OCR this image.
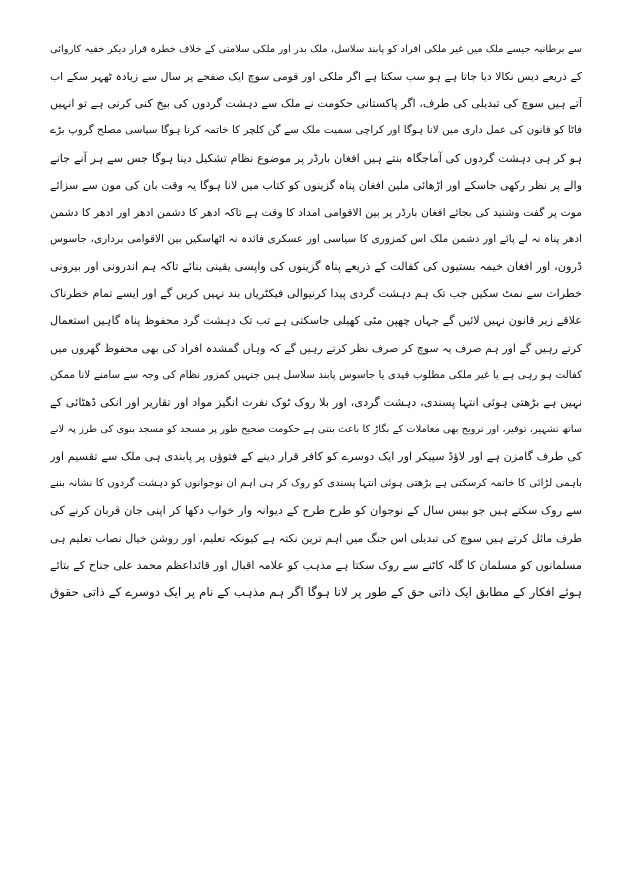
سے برطانیہ جیسے ملک میں غیر ملکی افراد کو پابند سلاسل، ملک بدر اور ملکی سلامتی کے خلاف خطرہ قرار دیکر خفیہ کاروائی
کے ذریعے دیس نکالا دیا جاتا ہے ہو سب سکتا ہے اگر ملکی اور قومی سوچ ایک صفحے پر سال سے زیادہ ٹھہر سکے اب
آتے ہیں سوچ کی تبدیلی کی طرف، اگر پاکستانی حکومت نے ملک سے دہشت گردوں کی بیخ کنی کرنی ہے تو انہیں
فاٹا کو قانون کی عمل داری میں لانا ہوگا اور کراچی سمیت ملک سے گن کلچر کا خاتمہ کرنا ہوگا سیاسی مصلح گروپ بڑے
ہو کر ہی دہشت گردوں کی آماجگاہ بنتے ہیں افغان بارڈر پر موضوع نظام تشکیل دینا ہوگا جس سے ہر آنے جانے
والے پر نظر رکھی جاسکے اور اڑھائی ملین افغان پناہ گزینوں کو کتاب میں لانا ہوگا یہ وقت بان کی مون سے سزائے
موت پر گفت وشنید کی بجائے افغان بارڈر پر بین الاقوامی امداد کا وقت ہے تاکہ ادھر کا دشمن ادھر اور ادھر کا دشمن
ادھر پناہ نہ لے پائے اور دشمن ملک اس کمزوری کا سیاسی اور عسکری فائدہ نہ اٹھاسکیں بین الاقوامی برداری، جاسوس
ڈرون، اور افغان خیمہ بستیوں کی کفالت کے ذریعے پناہ گزینوں کی واپسی یقینی بنائے تاکہ ہم اندرونی اور بیرونی
خطرات سے نمٹ سکیں جب تک ہم دہشت گردی پیدا کرنیوالی فیکٹریاں بند نہیں کریں گے اور ایسے تمام خطرناک
علاقے زیر قانون نہیں لائیں گے جہاں چھپن مٹی کھیلی جاسکتی ہے تب تک دہشت گرد محفوظ پناہ گاہیں استعمال
کرتے رہیں گے اور ہم صرف یہ سوچ کر صرف نظر کرتے رہیں گے کہ وہاں گمشدہ افراد کی بھی محفوظ گھروں میں
کفالت ہو رہی ہے یا غیر ملکی مطلوب قیدی یا جاسوس پابند سلاسل ہیں جنہیں کمزور نظام کی وجہ سے سامنے لانا ممکن
نہیں ہے بڑھتی ہوئی انتہا پسندی، دہشت گردی، اور بلا روک ٹوک نفرت انگیز مواد اور تقاریر اور انکی ڈھٹائی کے
ساتھ تشہیر، توقیر، اور ترویج بھی معاملات کے بگاڑ کا باعث بنتی ہے حکومت صحیح طور پر مسجد کو مسجد بنوی کی طرز پہ لانے
کی طرف گامزن ہے اور لاؤڈ سپیکر اور ایک دوسرے کو کافر قرار دینے کے فتوؤں پر پابندی ہی ملک سے تقسیم اور
باہمی لڑائی کا خاتمہ کرسکتی ہے بڑھتی ہوئی انتہا پسندی کو روک کر ہی اہم ان نوجوانوں کو دہشت گردوں کا نشانہ بننے
سے روک سکتے ہیں جو بیس سال کے نوجوان کو طرح طرح کے دیوانہ وار خواب دکھا کر اپنی جان قربان کرنے کی
طرف مائل کرتے ہیں سوچ کی تبدیلی اس جنگ میں اہم ترین نکتہ ہے کیونکہ تعلیم، اور روشن خیال نصاب تعلیم ہی
مسلمانوں کو مسلمان کا گلہ کاٹنے سے روک سکتا ہے مذہب کو علامہ اقبال اور قائداعظم محمد علی جناح کے بتائے
ہوئے افکار کے مطابق ایک ذاتی حق کے طور پر لانا ہوگا اگر ہم مذہب کے نام پر ایک دوسرے کے ذاتی حقوق
